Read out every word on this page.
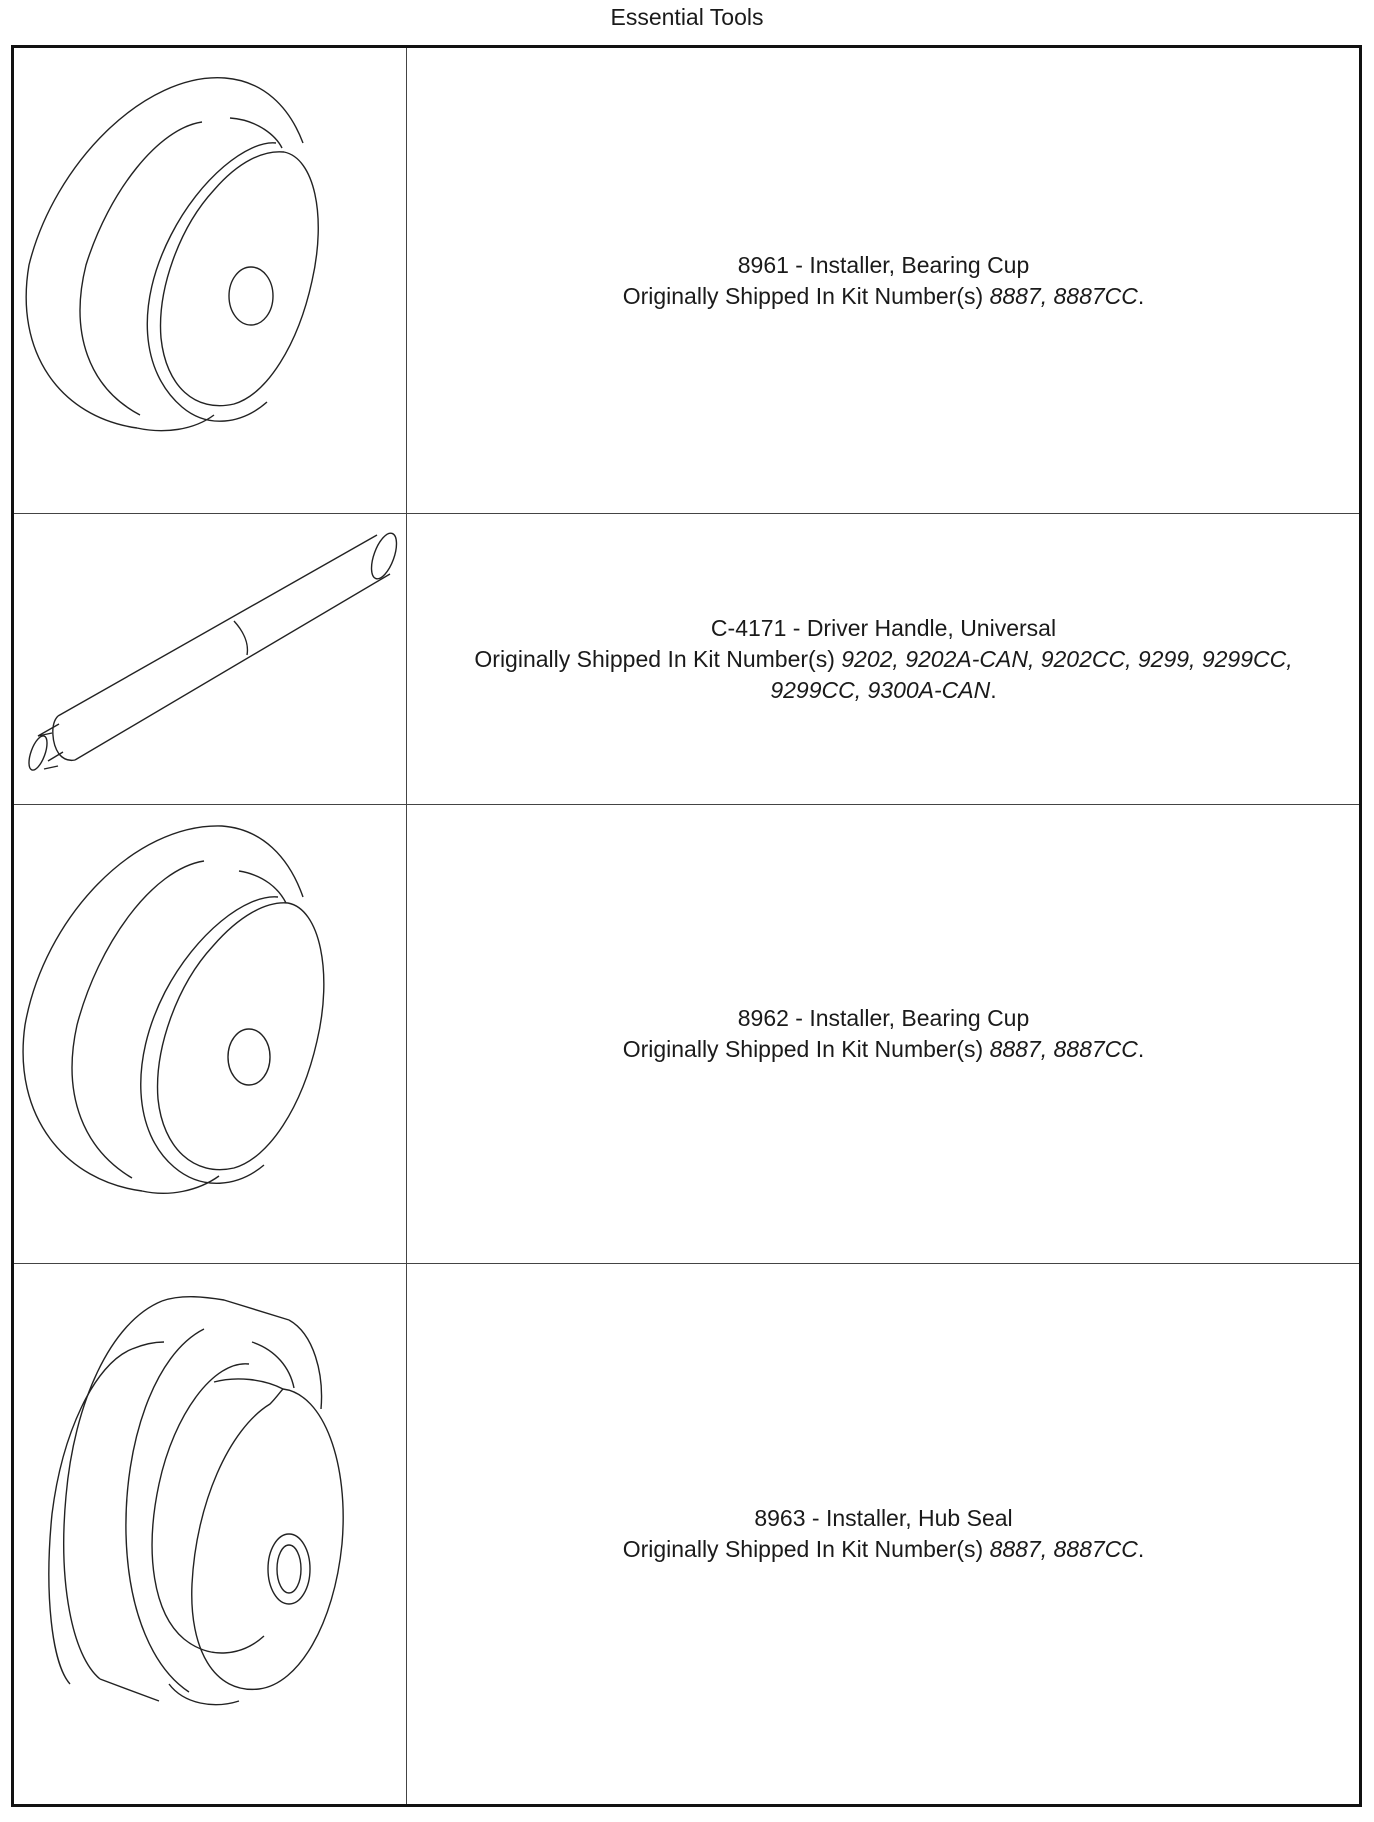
Essential Tools
8961 - Installer, Bearing Cup
Originally Shipped In Kit Number(s) 8887, 8887CC.
C-4171 - Driver Handle, Universal
Originally Shipped In Kit Number(s) 9202, 9202A-CAN, 9202CC, 9299, 9299CC, 9299CC, 9300A-CAN.
8962 - Installer, Bearing Cup
Originally Shipped In Kit Number(s) 8887, 8887CC.
8963 - Installer, Hub Seal
Originally Shipped In Kit Number(s) 8887, 8887CC.
